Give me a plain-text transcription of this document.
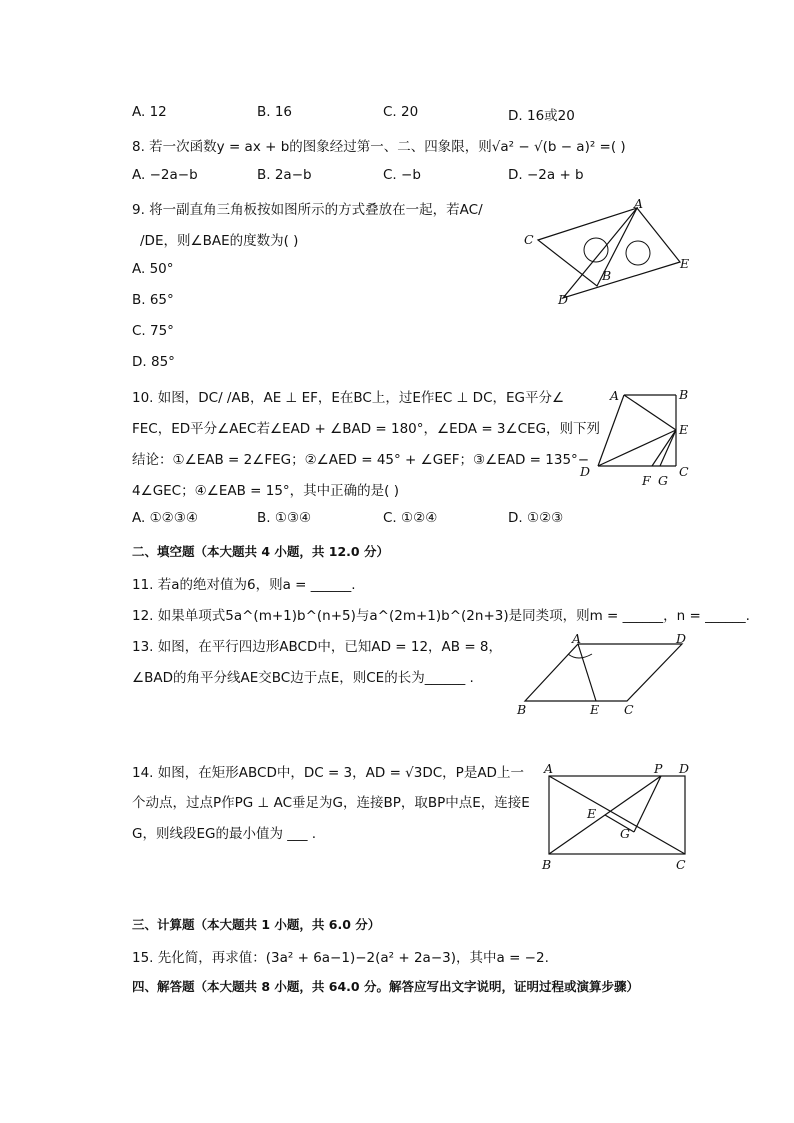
A. 12	B. 16	C. 20	D. 16或20
8. 若一次函数y = ax + b的图象经过第一、二、四象限，则√a² − √(b − a)² =( )
A. −2a−b	B. 2a−b	C. −b	D. −2a + b
9. 将一副直角三角板按如图所示的方式叠放在一起，若AC/
/DE，则∠BAE的度数为( )
A. 50°
B. 65°
C. 75°
D. 85°
A
C
B
E
D
10. 如图，DC/ /AB，AE ⊥ EF，E在BC上，过E作EC ⊥ DC，EG平分∠
FEC，ED平分∠AEC若∠EAD + ∠BAD = 180°，∠EDA = 3∠CEG，则下列
结论：①∠EAB = 2∠FEG；②∠AED = 45° + ∠GEF；③∠EAD = 135°−
4∠GEC；④∠EAB = 15°，其中正确的是( )
A. ①②③④	B. ①③④	C. ①②④	D. ①②③
A	B
E
D
F G
C
二、填空题（本大题共 4 小题，共 12.0 分）
11. 若a的绝对值为6，则a = ______.
12. 如果单项式5a^(m+1)b^(n+5)与a^(2m+1)b^(2n+3)是同类项，则m = ______，n = ______.
13. 如图，在平行四边形ABCD中，已知AD = 12，AB = 8，
∠BAD的角平分线AE交BC边于点E，则CE的长为______ .
A	D
B	E C
14. 如图，在矩形ABCD中，DC = 3，AD = √3DC，P是AD上一
个动点，过点P作PG ⊥ AC垂足为G，连接BP，取BP中点E，连接E
G，则线段EG的最小值为 ___ .
A	P D
E
G
B	C
三、计算题（本大题共 1 小题，共 6.0 分）
15. 先化简，再求值：(3a² + 6a−1)−2(a² + 2a−3)，其中a = −2.
四、解答题（本大题共 8 小题，共 64.0 分。解答应写出文字说明，证明过程或演算步骤）
